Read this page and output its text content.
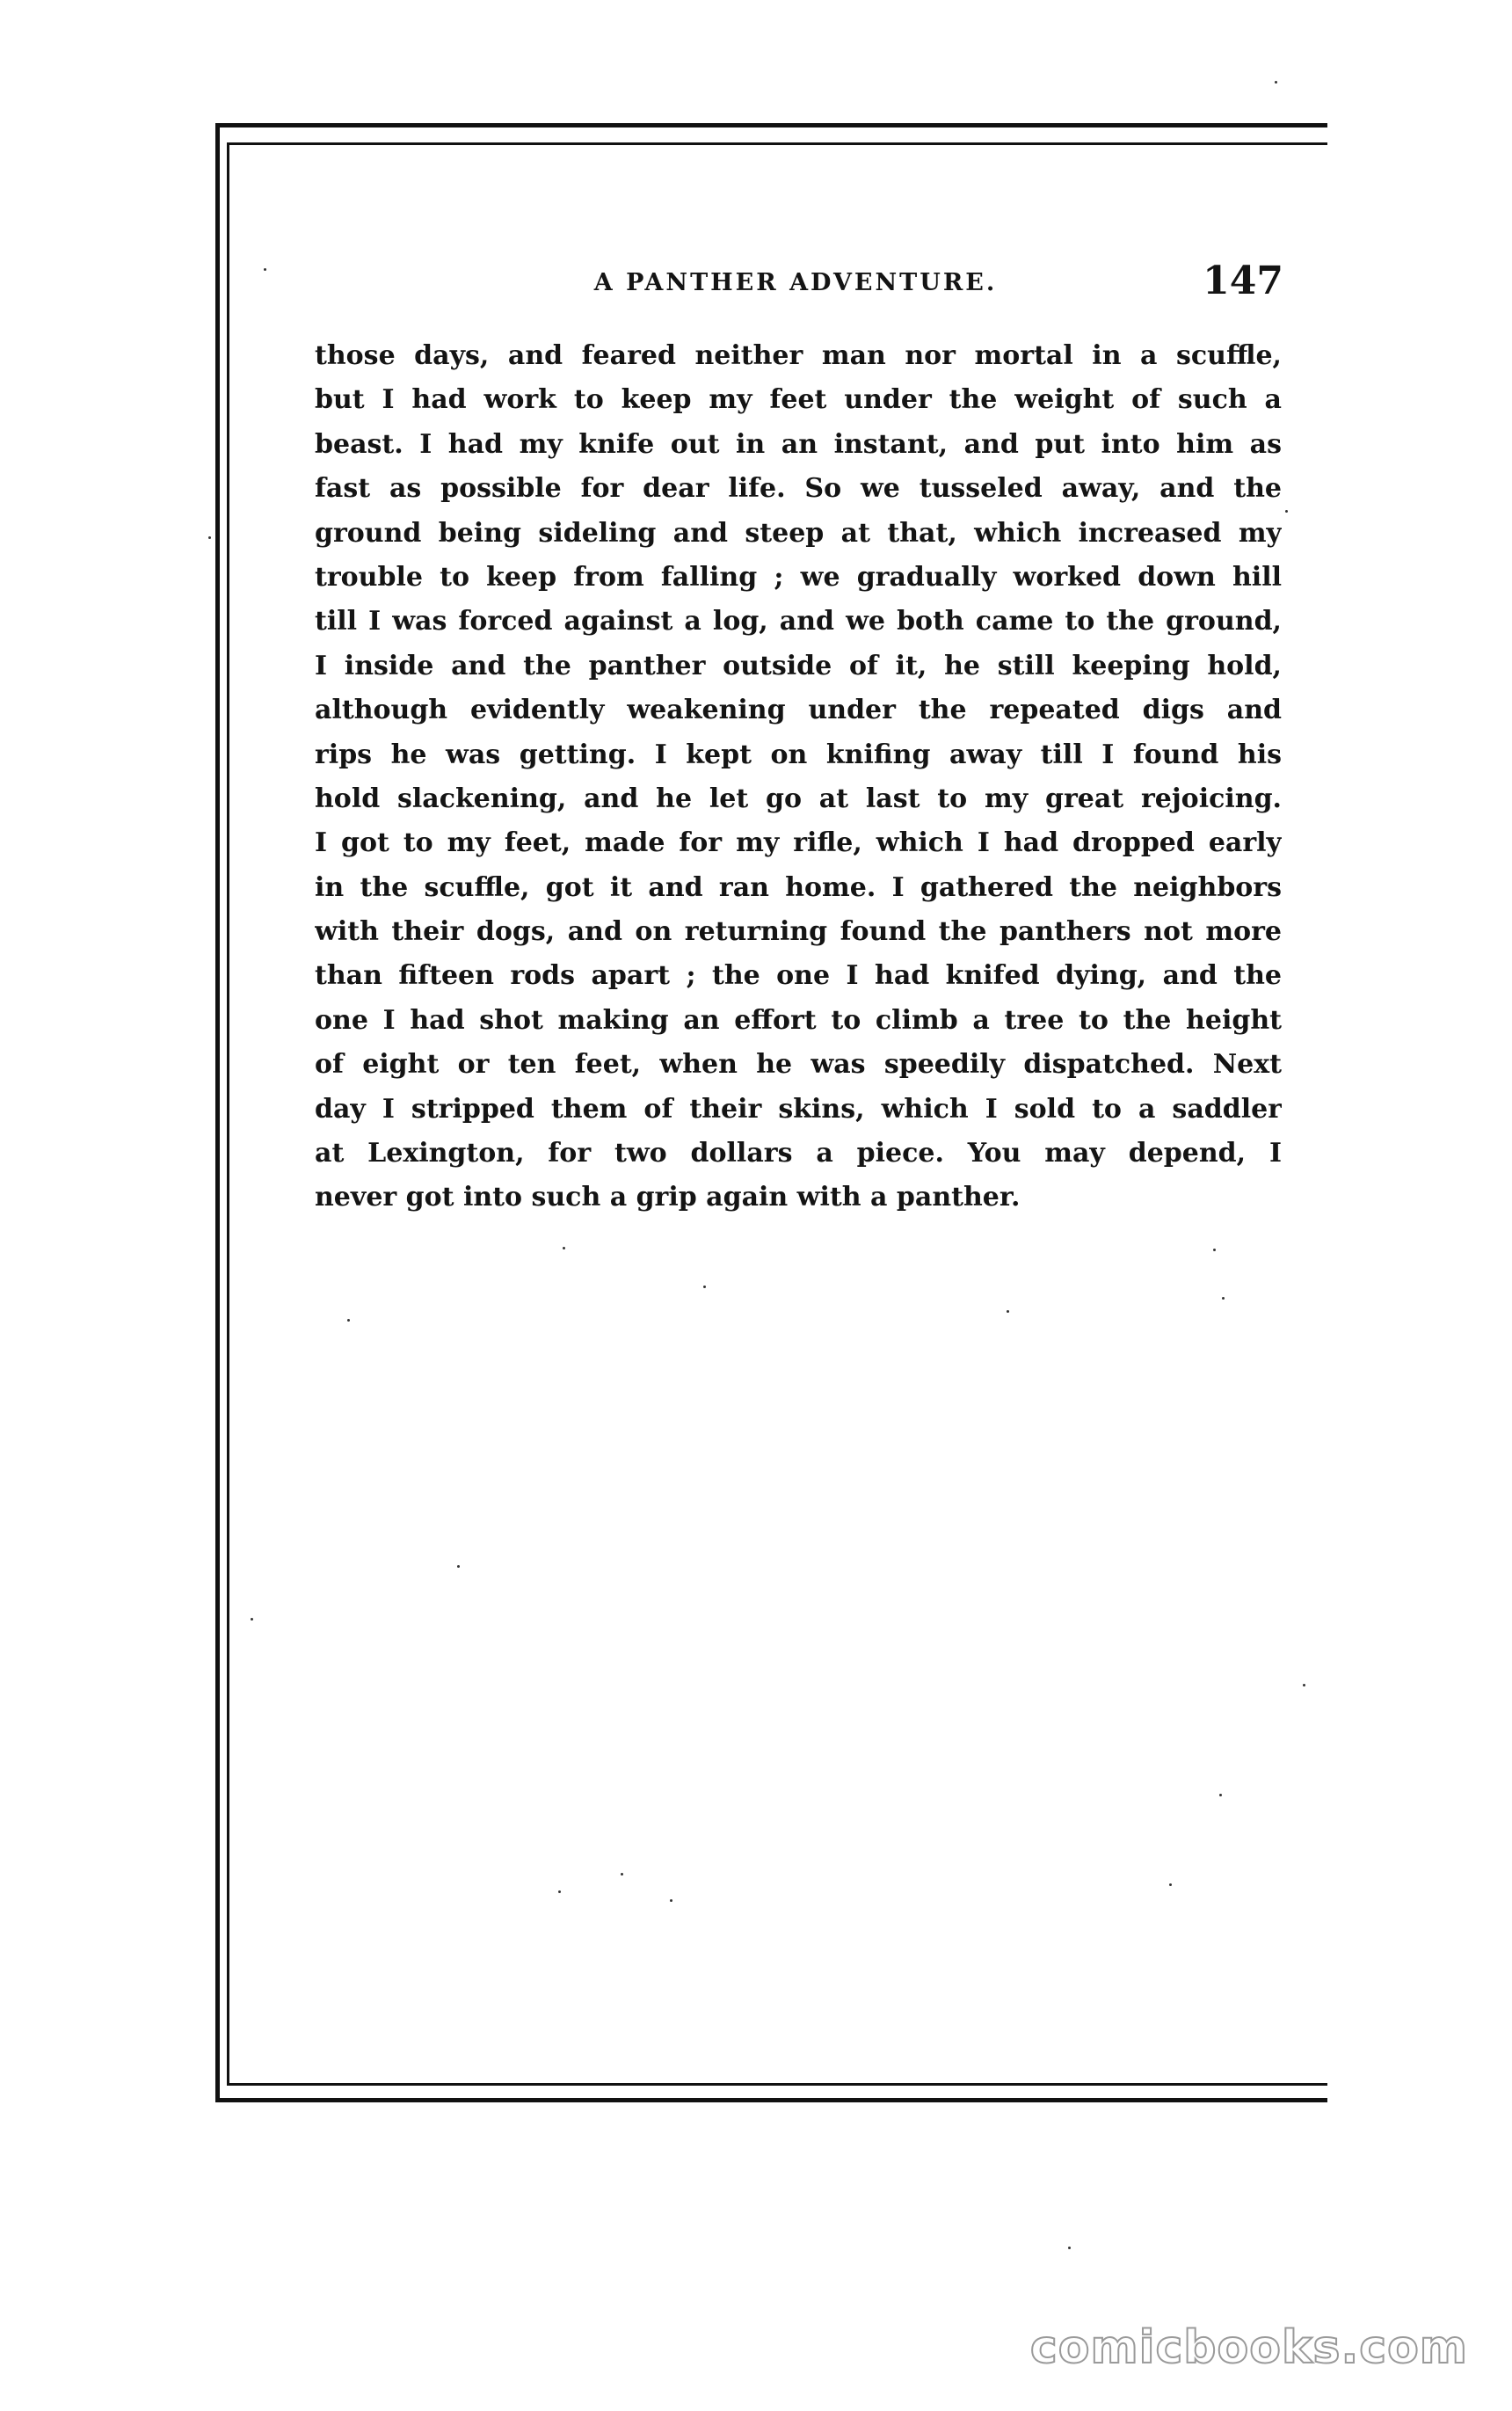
A PANTHER ADVENTURE.	147
those days, and feared neither man nor mortal in a scuffle,
but I had work to keep my feet under the weight of such a
beast. I had my knife out in an instant, and put into him as
fast as possible for dear life. So we tusseled away, and the
ground being sideling and steep at that, which increased my
trouble to keep from falling ; we gradually worked down hill
till I was forced against a log, and we both came to the ground,
I inside and the panther outside of it, he still keeping hold,
although evidently weakening under the repeated digs and
rips he was getting. I kept on knifing away till I found his
hold slackening, and he let go at last to my great rejoicing.
I got to my feet, made for my rifle, which I had dropped early
in the scuffle, got it and ran home. I gathered the neighbors
with their dogs, and on returning found the panthers not more
than fifteen rods apart ; the one I had knifed dying, and the
one I had shot making an effort to climb a tree to the height
of eight or ten feet, when he was speedily dispatched. Next
day I stripped them of their skins, which I sold to a saddler
at Lexington, for two dollars a piece. You may depend, I
never got into such a grip again with a panther.
comicbooks.com
